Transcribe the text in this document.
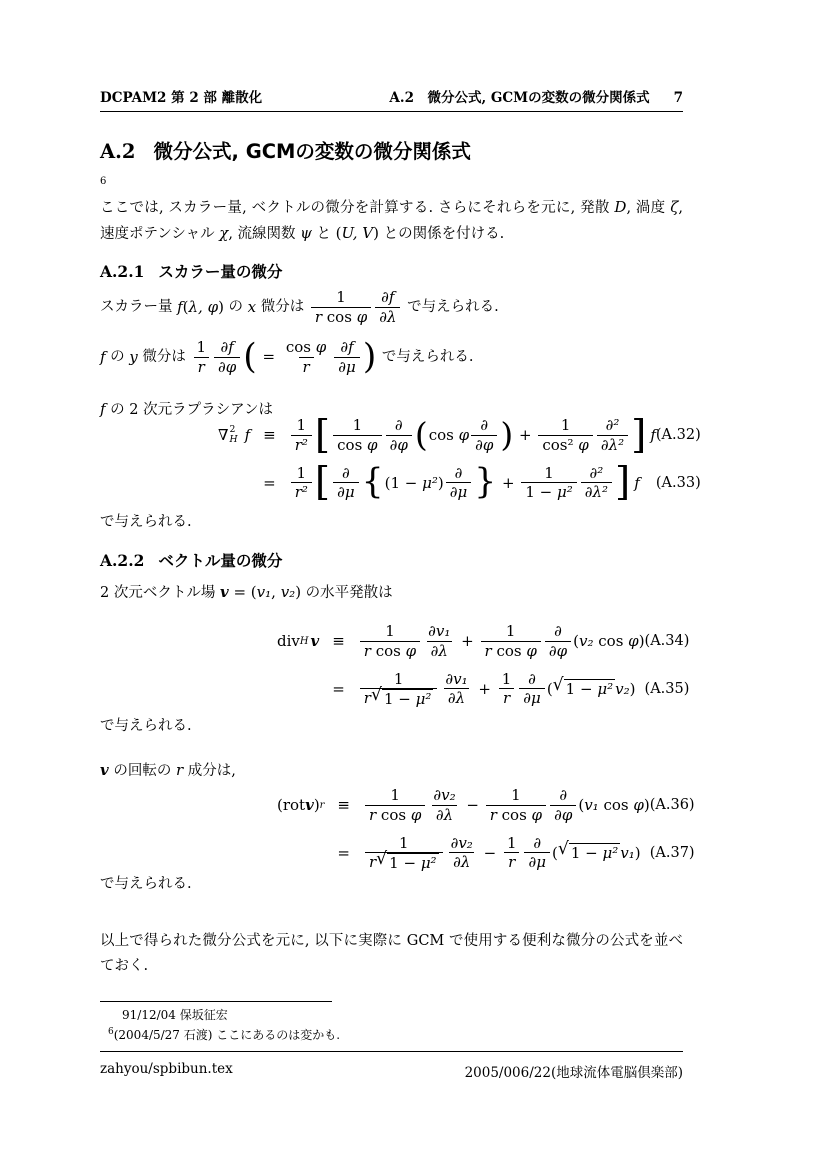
DCPAM2 第 2 部 離散化	A.2　微分公式, GCMの変数の微分関係式 7
A.2 微分公式, GCMの変数の微分関係式
6

ここでは, スカラー量, ベクトルの微分を計算する. さらにそれらを元に, 発散 D, 渦度 ζ, 速度ポテンシャル χ, 流線関数 ψ と (U, V) との関係を付ける.

A.2.1 スカラー量の微分

スカラー量 f(λ, φ) の x 微分は $\frac{1}{\text{r cos φ}} \frac{\partial f}{\partial\lambda}$ で与えられる.

f の y 微分は $\frac{1}{r} \frac{\partial f}{\partial\varphi}$ ( = $\frac{\text{cos φ}}{r} \frac{\partial f}{\partial\mu}$ ) で与えられる.

f の 2 次元ラプラシアンは

∇ 2
H f ≡	$\frac{1}{\text{r²}}$ [ $\frac{1}{\text{cos φ}}$ ∂
∂φ ( cos φ
∂
∂φ ) + $\frac{1}{\text{cos² φ}} \partial^2$
∂λ² ] f (A.32)
=	$\frac{1}{\text{r²}}$ [ ∂
∂μ { (1 − μ² )
∂
∂μ } + $\frac{1}{\text{1 − μ²}} \partial^2$
∂λ² ] f (A.33)

で与えられる.

A.2.2 ベクトル量の微分

2 次元ベクトル場 v = (v₁, v₂) の水平発散は

div H v ≡	$\frac{1}{\text{r cos φ}} \frac{\text{∂v₁}}{\partial\lambda} + \frac{1}{\text{r cos φ}}$ ∂
∂φ
( v₂ cos φ ) (A.34)
=	$\frac{1}{\text{r √ 1 − μ²}} \frac{\text{∂v₁}}{\partial\lambda} + \frac{1}{r}$ ∂
∂μ
( √ 1 − μ² v₂ ) (A.35)

で与えられる.

v の回転の r 成分は,

(rot v ) r ≡	$\frac{1}{\text{r cos φ}} \frac{\text{∂v₂}}{\partial\lambda} - \frac{1}{\text{r cos φ}}$ ∂
∂φ
( v₁ cos φ ) (A.36)
=	$\frac{1}{\text{r √ 1 − μ²}} \frac{\text{∂v₂}}{\partial\lambda} - \frac{1}{r}$ ∂
∂μ
( √ 1 − μ² v₁ ) (A.37)

で与えられる.

以上で得られた微分公式を元に, 以下に実際に GCM で使用する便利な微分の公式を並べておく.

91/12/04 保坂征宏
$^6$(2004/5/27 石渡) ここにあるのは変かも.
zahyou/spbibun.tex	2005/006/22(地球流体電脳倶楽部)
